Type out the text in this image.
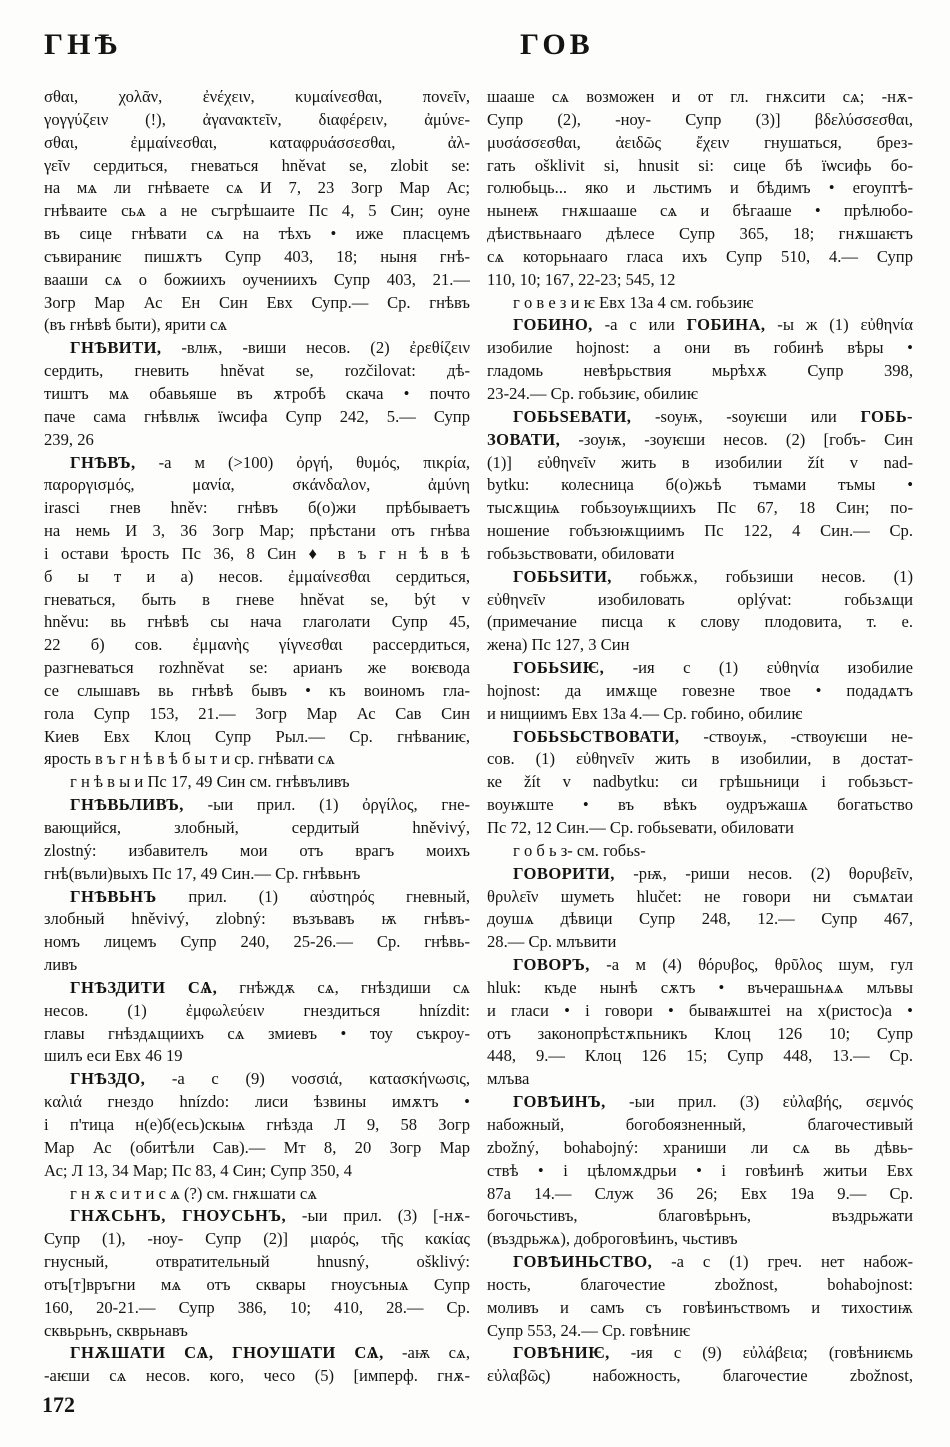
ГНѢ	ГОВ
σθαι, χολᾶν, ἐνέχειν, κυμαίνεσθαι, πονεῖν,
γογγύζειν (!), ἀγανακτεῖν, διαφέρειν, ἀμύνε-
σθαι, ἐμμαίνεσθαι, καταφρυάσσεσθαι, ἀλ-
γεῖν сердиться, гневаться hněvat se, zlobit se:
на мѧ ли гнѣваете сѧ И 7, 23 Зогр Мар Ас;
гнѣваите сьѧ а не съгрѣшаите Пс 4, 5 Син; оуне
въ сице гнѣвати сѧ на тѣхъ • иже пласцемъ
съвираниѥ пишѫтъ Супр 403, 18; ныня гнѣ-
вааши сѧ о божиихъ оучениихъ Супр 403, 21.—
Зогр Мар Ас Ен Син Евх Супр.— Ср. гнѣвъ
(въ гнѣвѣ быти), ярити сѧ
ГНѢВИТИ, -влѭ, -виши несов. (2) ἐρεθίζειν
сердить, гневить hněvat se, rozčilovat: дѣ-
тиштъ мѧ обавьяше въ ѫтробѣ скача • почто
паче сама гнѣвлѭ їѡсифа Супр 242, 5.— Супр
239, 26
ГНѢВЪ, -а м (>100) ὀργή, θυμός, πικρία,
παροργισμός, μανία, σκάνδαλον, ἀμύνη
irasci гнев hněv: гнѣвъ б(о)жи прѣбываетъ
на немь И 3, 36 Зогр Мар; прѣстани отъ гнѣва
і остави ѣрость Пс 36, 8 Син ♦ в ъ г н ѣ в ѣ
б ы т и а) несов. ἐμμαίνεσθαι сердиться,
гневаться, быть в гневе hněvat se, být v
hněvu: вь гнѣвѣ сы нача глаголати Супр 45,
22 б) сов. ἐμμανὴς γίγνεσθαι рассердиться,
разгневаться rozhněvat se: арианъ же воѥвода
се слышавъ вь гнѣвѣ бывъ • къ воиномъ гла-
гола Супр 153, 21.— Зогр Мар Ас Сав Син
Киев Евх Клоц Супр Рыл.— Ср. гнѣваниѥ,
ярость в ъ г н ѣ в ѣ б ы т и ср. гнѣвати сѧ
г н ѣ в ы и Пс 17, 49 Син см. гнѣвъливъ
ГНѢВЬЛИВЪ, -ыи прил. (1) ὀργίλος, гне-
вающийся, злобный, сердитый hněvivý,
zlostný: избавителъ мои отъ врагъ моихъ
гнѣ(въли)выхъ Пс 17, 49 Син.— Ср. гнѣвьнъ
ГНѢВЬНЪ прил. (1) αὐστηρός гневный,
злобный hněvivý, zlobný: възъвавъ ѭ гнѣвъ-
номъ лицемъ Супр 240, 25-26.— Ср. гнѣвь-
ливъ
ГНѢЗДИТИ СѦ, гнѣждѫ сѧ, гнѣздиши сѧ
несов. (1) ἐμφωλεύειν гнездиться hnízdit:
главы гнѣздѧщиихъ сѧ змиевъ • тоу съкроу-
шилъ еси Евх 46 19
ГНѢЗДО, -а с (9) νοσσιά, κατασκήνωσις,
καλιά гнездо hnízdo: лиси ѣзвины имѫтъ •
і п'тица н(е)б(есь)скыѩ гнѣзда Л 9, 58 Зогр
Мар Ас (обитѣли Сав).— Мт 8, 20 Зогр Мар
Ас; Л 13, 34 Мар; Пс 83, 4 Син; Супр 350, 4
г н ѫ с и т и с ѧ (?) см. гнѫшати сѧ
ГНѪСЬНЪ, ГНОУСЬНЪ, -ыи прил. (3) [-нѫ-
Супр (1), -ноу- Супр (2)] μιαρός, τῆς κακίας
гнусный, отвратительный hnusný, ošklivý:
отъ[т]връгни мѧ отъ сквары гноусъныѧ Супр
160, 20-21.— Супр 386, 10; 410, 28.— Ср.
сквьрьнъ, скврьнавъ
ГНѪШАТИ СѦ, ГНОУШАТИ СѦ, -аѭ сѧ,
-аѥши сѧ несов. кого, чесо (5) [имперф. гнѫ-
шааше сѧ возможен и от гл. гнѫсити сѧ; -нѫ-
Супр (2), -ноу- Супр (3)] βδελύσσεσθαι,
μυσάσσεσθαι, ἀειδῶς ἔχειν гнушаться, брез-
гать ošklivit si, hnusit si: сице бѣ їѡсифь бо-
голюбьць... яко и льстимъ и бѣдимъ • егоуптѣ-
нынеѭ гнѫшааше сѧ и бѣгааше • прѣлюбо-
дѣиствьнааго дѣлесе Супр 365, 18; гнѫшаѥтъ
сѧ которьнааго гласа ихъ Супр 510, 4.— Супр
110, 10; 167, 22-23; 545, 12
г о в е з и ѥ Евх 13а 4 см. гобьзиѥ
ГОБИНО, -а с или ГОБИНА, -ы ж (1) εὐθηνία
изобилие hojnost: а они въ гобинѣ вѣры •
гладомь невѣрьствия мьрѣхѫ Супр 398,
23-24.— Ср. гобьзиѥ, обилиѥ
ГОБЬЅЕВАТИ, -ѕоуѭ, -ѕоуѥши или ГОБЬ-
ЗОВАТИ, -зоуѭ, -зоуѥши несов. (2) [гобъ- Син
(1)] εὐθηνεῖν жить в изобилии žít v nad-
bytku: колесница б(о)жьѣ тъмами тъмы •
тысѫщиѩ гобьзоуѭщиихъ Пс 67, 18 Син; по-
ношение гобъзюѭщиимъ Пс 122, 4 Син.— Ср.
гобьзьствовати, обиловати
ГОБЬЅИТИ, гобьжѫ, гобьзиши несов. (1)
εὐθηνεῖν изобиловать oplývat: гобьзѧщи
(примечание писца к слову плодовита, т. е.
жена) Пс 127, 3 Син
ГОБЬЅИѤ, -ия с (1) εὐθηνία изобилие
hojnost: да имѫще говезне твое • подадѧтъ
и нищиимъ Евх 13а 4.— Ср. гобино, обилиѥ
ГОБЬЅЬСТВОВАТИ, -ствоуѭ, -ствоуѥши не-
сов. (1) εὐθηνεῖν жить в изобилии, в достат-
ке žít v nadbytku: си грѣшьници і гобьзьст-
воуѭште • въ вѣкъ оудръжашѧ богатьство
Пс 72, 12 Син.— Ср. гобьѕевати, обиловати
г о б ь з- см. гобьѕ-
ГОВОРИТИ, -рѭ, -риши несов. (2) θορυβεῖν,
θρυλεῖν шуметь hlučet: не говори ни съмѧтаи
доушѧ дѣвици Супр 248, 12.— Супр 467,
28.— Ср. млъвити
ГОВОРЪ, -а м (4) θόρυβος, θρῦλος шум, гул
hluk: къде нынѣ сѫтъ • въчерашьнѧѧ млъвы
и гласи • і говори • бываѭштеі на х(ристос)а •
отъ законопрѣстѫпьникъ Клоц 126 10; Супр
448, 9.— Клоц 126 15; Супр 448, 13.— Ср.
млъва
ГОВѢИНЪ, -ыи прил. (3) εὐλαβής, σεμνός
набожный, богобоязненный, благочестивый
zbožný, bohabojný: храниши ли сѧ вь дѣвь-
ствѣ • і цѣломѫдрьи • і говѣинѣ житьи Евх
87а 14.— Служ 36 26; Евх 19а 9.— Ср.
богочьстивъ, благовѣрьнъ, въздрьжати
(въздрьжѧ), доброговѣинъ, чьстивъ
ГОВѢИНЬСТВО, -а с (1) греч. нет набож-
ность, благочестие zbožnost, bohabojnost:
моливъ и самъ съ говѣинъствомъ и тихостиѭ
Супр 553, 24.— Ср. говѣниѥ
ГОВѢНИѤ, -ия с (9) εὐλάβεια; (говѣниѥмь
εὐλαβῶς) набожность, благочестие zbožnost,
172
